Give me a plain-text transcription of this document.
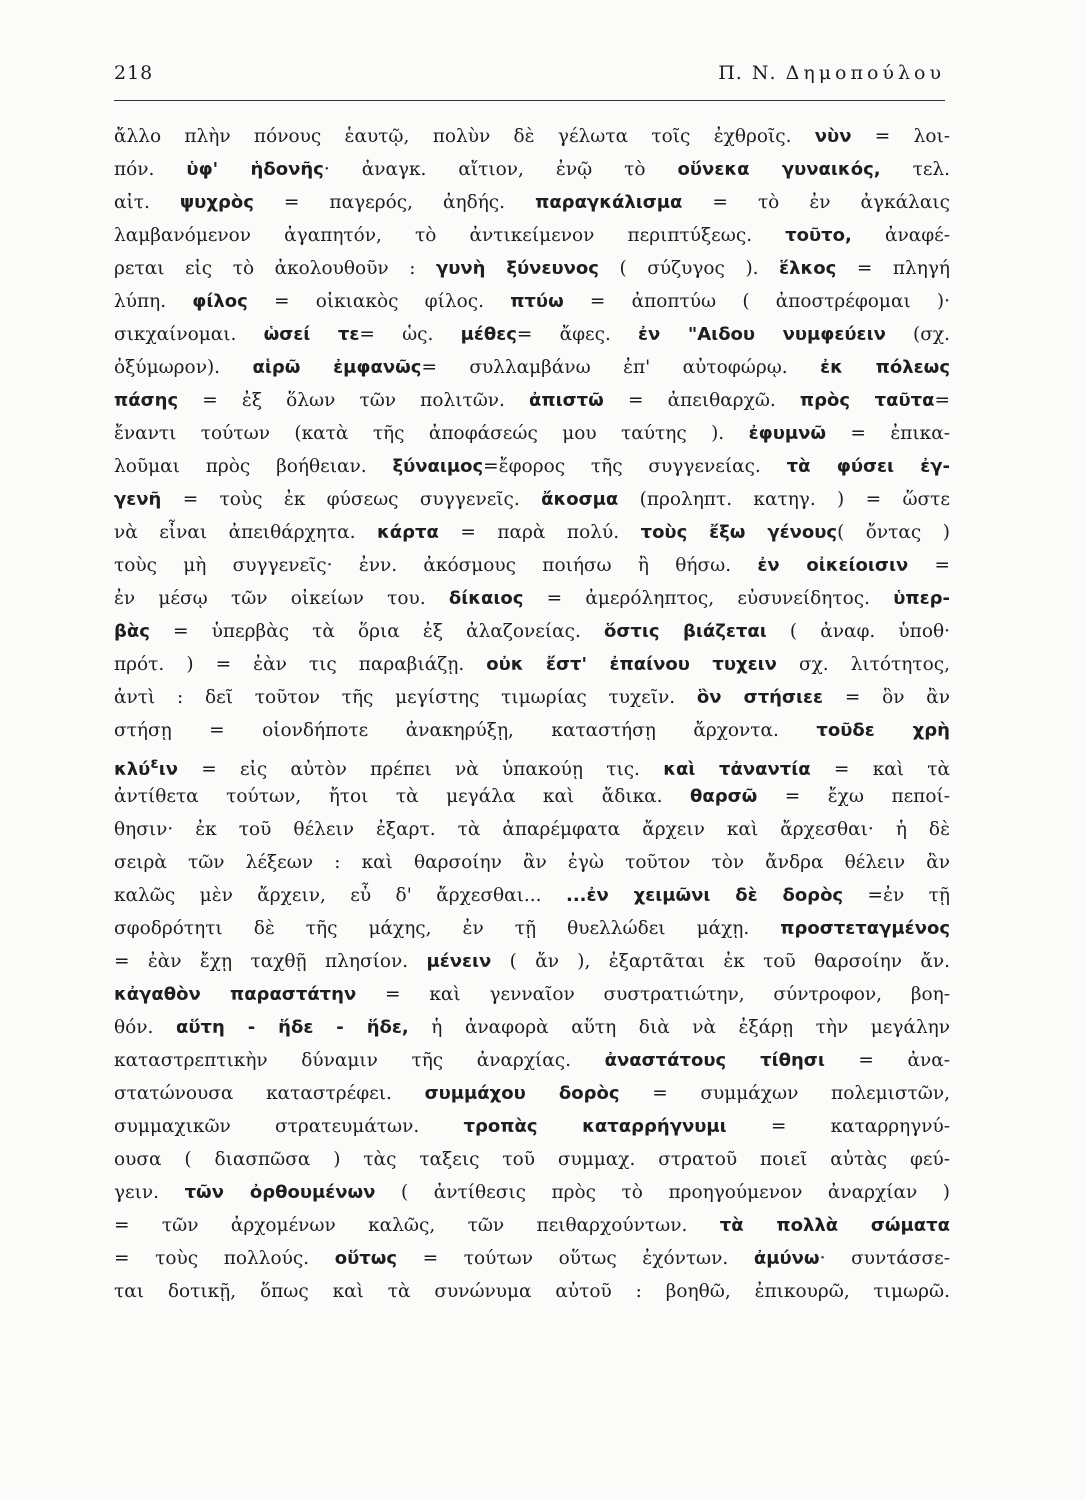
218	Π. Ν. Δημοπούλου
ἄλλο πλὴν πόνους ἑαυτῷ, πολὺν δὲ γέλωτα τοῖς ἐχθροῖς. νὺν = λοι-
πόν. ὑφ' ἡδονῆς· ἀναγκ. αἴτιον, ἐνῷ τὸ οὕνεκα γυναικός, τελ.
αἰτ. ψυχρὸς = παγερός, ἀηδής. παραγκάλισμα = τὸ ἐν ἀγκάλαις
λαμβανόμενον ἀγαπητόν, τὸ ἀντικείμενον περιπτύξεως. τοῦτο, ἀναφέ-
ρεται εἰς τὸ ἀκολουθοῦν : γυνὴ ξύνευνος ( σύζυγος ). ἕλκος = πληγή
λύπη. φίλος = οἰκιακὸς φίλος. πτύω = ἀποπτύω ( ἀποστρέφομαι )·
σικχαίνομαι. ὡσεί τε= ὡς. μέθες= ἄφες. ἐν "Αιδου νυμφεύειν (σχ.
ὀξύμωρον). αἱρῶ ἐμφανῶς= συλλαμβάνω ἐπ' αὐτοφώρῳ. ἐκ πόλεως
πάσης = ἐξ ὅλων τῶν πολιτῶν. ἀπιστῶ = ἀπειθαρχῶ. πρὸς ταῦτα=
ἔναντι τούτων (κατὰ τῆς ἀποφάσεώς μου ταύτης ). ἐφυμνῶ = ἐπικα-
λοῦμαι πρὸς βοήθειαν. ξύναιμος=ἔφορος τῆς συγγενείας. τὰ φύσει ἐγ-
γενῆ = τοὺς ἐκ φύσεως συγγενεῖς. ἄκοσμα (προληπτ. κατηγ. ) = ὥστε
νὰ εἶναι ἀπειθάρχητα. κάρτα = παρὰ πολύ. τοὺς ἔξω γένους( ὄντας )
τοὺς μὴ συγγενεῖς· ἐνν. ἀκόσμους ποιήσω ἢ θήσω. ἐν οἰκείοισιν =
ἐν μέσῳ τῶν οἰκείων του. δίκαιος = ἀμερόληπτος, εὐσυνείδητος. ὑπερ-
βὰς = ὑπερβὰς τὰ ὅρια ἐξ ἀλαζονείας. ὅστις βιάζεται ( ἀναφ. ὑποθ·
πρότ. ) = ἐὰν τις παραβιάζῃ. οὐκ ἔστ' ἐπαίνου τυχειν σχ. λιτότητος,
ἀντὶ : δεῖ τοῦτον τῆς μεγίστης τιμωρίας τυχεῖν. ὃν στήσιεε = ὃν ἂν
στήσῃ = οἱονδήποτε ἀνακηρύξῃ, καταστήσῃ ἄρχοντα. τοῦδε χρὴ
κλύ$^\varepsilon$ιν = εἰς αὐτὸν πρέπει νὰ ὑπακούῃ τις. καὶ τἀναντία = καὶ τὰ
ἀντίθετα τούτων, ἤτοι τὰ μεγάλα καὶ ἄδικα. θαρσῶ = ἔχω πεποί-
θησιν· ἐκ τοῦ θέλειν ἐξαρτ. τὰ ἀπαρέμφατα ἄρχειν καὶ ἄρχεσθαι· ἡ δὲ
σειρὰ τῶν λέξεων : καὶ θαρσοίην ἂν ἐγὼ τοῦτον τὸν ἄνδρα θέλειν ἂν
καλῶς μὲν ἄρχειν, εὖ δ' ἄρχεσθαι... ...ἐν χειμῶνι δὲ δορὸς =ἐν τῇ
σφοδρότητι δὲ τῆς μάχης, ἐν τῇ θυελλώδει μάχῃ. προστεταγμένος
= ἐὰν ἔχῃ ταχθῇ πλησίον. μένειν ( ἄν ), ἐξαρτᾶται ἐκ τοῦ θαρσοίην ἄν.
κἀγαθὸν παραστάτην = καὶ γενναῖον συστρατιώτην, σύντροφον, βοη-
θόν. αὕτη - ἥδε - ἥδε, ἡ ἀναφορὰ αὕτη διὰ νὰ ἐξάρῃ τὴν μεγάλην
καταστρεπτικὴν δύναμιν τῆς ἀναρχίας. ἀναστάτους τίθησι = ἀνα-
στατώνουσα καταστρέφει. συμμάχου δορὸς = συμμάχων πολεμιστῶν,
συμμαχικῶν στρατευμάτων. τροπὰς καταρρήγνυμι = καταρρηγνύ-
ουσα ( διασπῶσα ) τὰς ταξεις τοῦ συμμαχ. στρατοῦ ποιεῖ αὐτὰς φεύ-
γειν. τῶν ὀρθουμένων ( ἀντίθεσις πρὸς τὸ προηγούμενον ἀναρχίαν )
= τῶν ἀρχομένων καλῶς, τῶν πειθαρχούντων. τὰ πολλὰ σώματα
= τοὺς πολλούς. οὕτως = τούτων οὕτως ἐχόντων. ἀμύνω· συντάσσε-
ται δοτικῇ, ὅπως καὶ τὰ συνώνυμα αὐτοῦ : βοηθῶ, ἐπικουρῶ, τιμωρῶ.
